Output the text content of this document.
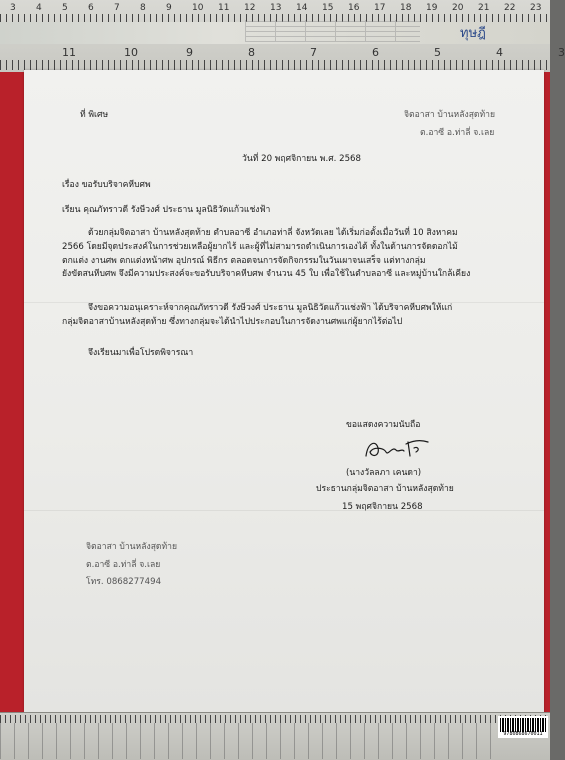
ทุษฎี
3 4 5 6 7 8 9 10 11 12 13 14 15 16 17 18 19 20 21 22 23
11	10	9	8	7	6	5	4	3
ที่ พิเศษ	จิตอาสา บ้านหลังสุดท้าย
ต.อาซี อ.ท่าลี่ จ.เลย
วันที่ 20 พฤศจิกายน พ.ศ. 2568
เรื่อง ขอรับบริจาคหีบศพ
เรียน คุณภัทราวดี รังษีวงศ์ ประธาน มูลนิธิวัดแก้วแช่งฟ้า
ด้วยกลุ่มจิตอาสา บ้านหลังสุดท้าย ตำบลอาซี อำเภอท่าลี่ จังหวัดเลย ได้เริ่มก่อตั้งเมื่อวันที่ 10 สิงหาคม
2566 โดยมีจุดประสงค์ในการช่วยเหลือผู้ยากไร้ และผู้ที่ไม่สามารถดำเนินการเองได้ ทั้งในด้านการจัดดอกไม้
ตกแต่ง งานศพ ตกแต่งหน้าศพ อุปกรณ์ พิธีกร ตลอดจนการจัดกิจกรรมในวันเผาจนเสร็จ แต่ทางกลุ่ม
ยังขัดสนหีบศพ จึงมีความประสงค์จะขอรับบริจาคหีบศพ จำนวน 45 ใบ เพื่อใช้ในตำบลอาซี และหมู่บ้านใกล้เคียง
จึงขอความอนุเคราะห์จากคุณภัทราวดี รังษีวงศ์ ประธาน มูลนิธิวัดแก้วแช่งฟ้า ได้บริจาคหีบศพให้แก่
กลุ่มจิตอาสาบ้านหลังสุดท้าย ซึ่งทางกลุ่มจะได้นำไปประกอบในการจัดงานศพแก่ผู้ยากไร้ต่อไป
จึงเรียนมาเพื่อโปรดพิจารณา
ขอแสดงความนับถือ
(นางวัลลภา เคนดา)
ประธานกลุ่มจิตอาสา บ้านหลังสุดท้าย
15 พฤศจิกายน 2568
จิตอาสา บ้านหลังสุดท้าย
ต.อาซี อ.ท่าลี่ จ.เลย
โทร. 0868277494
9780868670011
